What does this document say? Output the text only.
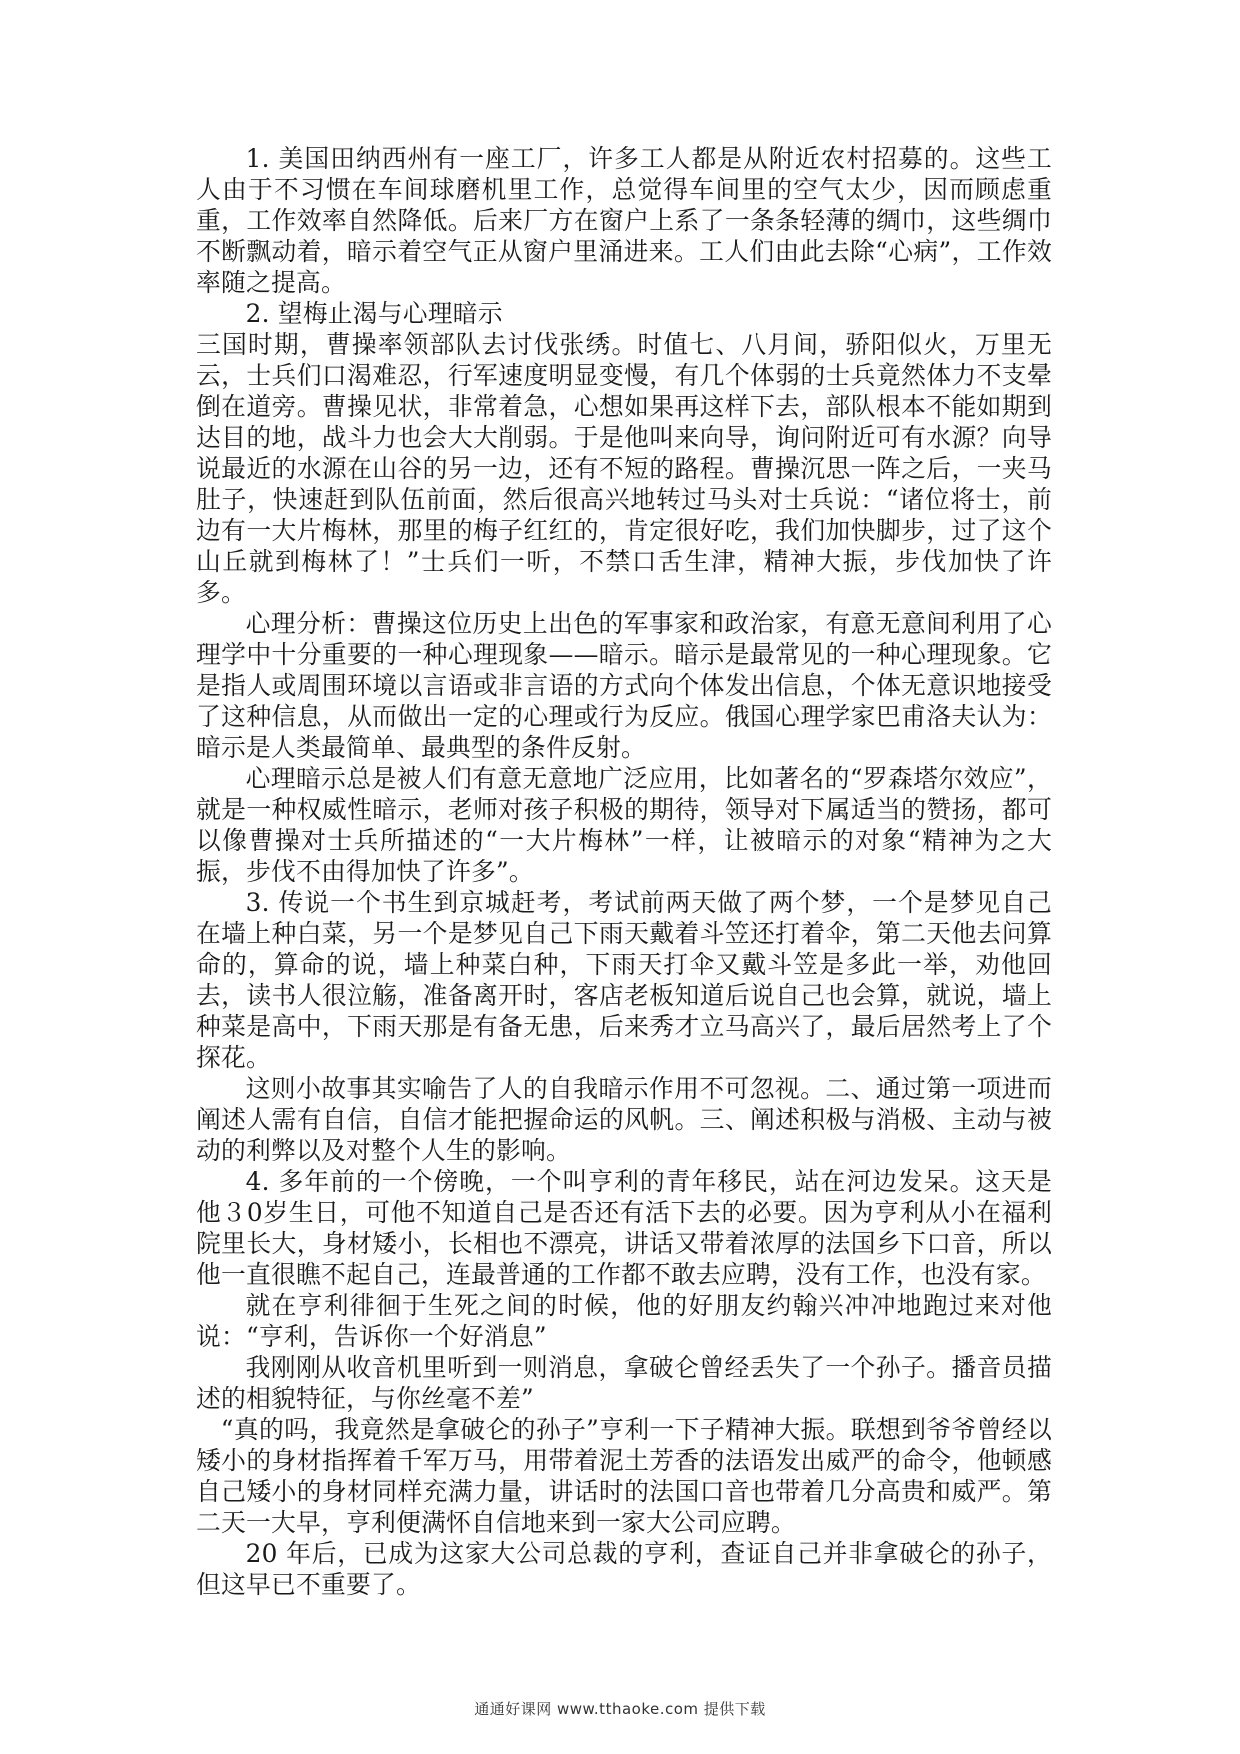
1. 美国田纳西州有一座工厂，许多工人都是从附近农村招募的。这些工人由于不习惯在车间球磨机里工作，总觉得车间里的空气太少，因而顾虑重重，工作效率自然降低。后来厂方在窗户上系了一条条轻薄的绸巾，这些绸巾不断飘动着，暗示着空气正从窗户里涌进来。工人们由此去除“心病”，工作效率随之提高。

2. 望梅止渴与心理暗示

三国时期，曹操率领部队去讨伐张绣。时值七、八月间，骄阳似火，万里无云，士兵们口渴难忍，行军速度明显变慢，有几个体弱的士兵竟然体力不支晕倒在道旁。曹操见状，非常着急，心想如果再这样下去，部队根本不能如期到达目的地，战斗力也会大大削弱。于是他叫来向导，询问附近可有水源？向导说最近的水源在山谷的另一边，还有不短的路程。曹操沉思一阵之后，一夹马肚子，快速赶到队伍前面，然后很高兴地转过马头对士兵说：“诸位将士，前边有一大片梅林，那里的梅子红红的，肯定很好吃，我们加快脚步，过了这个山丘就到梅林了！”士兵们一听，不禁口舌生津，精神大振，步伐加快了许多。

心理分析：曹操这位历史上出色的军事家和政治家，有意无意间利用了心理学中十分重要的一种心理现象——暗示。暗示是最常见的一种心理现象。它是指人或周围环境以言语或非言语的方式向个体发出信息，个体无意识地接受了这种信息，从而做出一定的心理或行为反应。俄国心理学家巴甫洛夫认为：暗示是人类最简单、最典型的条件反射。

心理暗示总是被人们有意无意地广泛应用，比如著名的“罗森塔尔效应”，就是一种权威性暗示，老师对孩子积极的期待，领导对下属适当的赞扬，都可以像曹操对士兵所描述的“一大片梅林”一样，让被暗示的对象“精神为之大振，步伐不由得加快了许多”。

3. 传说一个书生到京城赶考，考试前两天做了两个梦，一个是梦见自己在墙上种白菜，另一个是梦见自己下雨天戴着斗笠还打着伞，第二天他去问算命的，算命的说，墙上种菜白种，下雨天打伞又戴斗笠是多此一举，劝他回去，读书人很泣觞，准备离开时，客店老板知道后说自己也会算，就说，墙上种菜是高中，下雨天那是有备无患，后来秀才立马高兴了，最后居然考上了个探花。

这则小故事其实喻告了人的自我暗示作用不可忽视。二、通过第一项进而阐述人需有自信，自信才能把握命运的风帆。三、阐述积极与消极、主动与被动的利弊以及对整个人生的影响。

4. 多年前的一个傍晚，一个叫亨利的青年移民，站在河边发呆。这天是他３0岁生日，可他不知道自己是否还有活下去的必要。因为亨利从小在福利院里长大，身材矮小，长相也不漂亮，讲话又带着浓厚的法国乡下口音，所以他一直很瞧不起自己，连最普通的工作都不敢去应聘，没有工作，也没有家。

就在亨利徘徊于生死之间的时候，他的好朋友约翰兴冲冲地跑过来对他说：“亨利，告诉你一个好消息”

我刚刚从收音机里听到一则消息，拿破仑曾经丢失了一个孙子。播音员描述的相貌特征，与你丝毫不差”

“真的吗，我竟然是拿破仑的孙子”亨利一下子精神大振。联想到爷爷曾经以矮小的身材指挥着千军万马，用带着泥土芳香的法语发出威严的命令，他顿感自己矮小的身材同样充满力量，讲话时的法国口音也带着几分高贵和威严。第二天一大早，亨利便满怀自信地来到一家大公司应聘。

20 年后，已成为这家大公司总裁的亨利，查证自己并非拿破仑的孙子，但这早已不重要了。

通通好课网 www.tthaoke.com 提供下载
